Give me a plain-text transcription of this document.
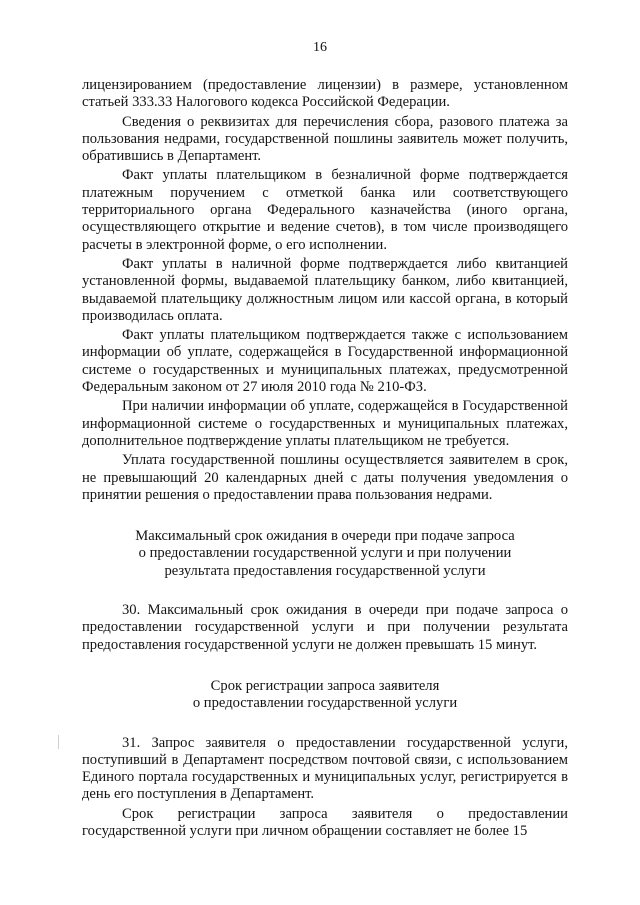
16

лицензированием (предоставление лицензии) в размере, установленном статьей 333.33 Налогового кодекса Российской Федерации.

Сведения о реквизитах для перечисления сбора, разового платежа за пользования недрами, государственной пошлины заявитель может получить, обратившись в Департамент.

Факт уплаты плательщиком в безналичной форме подтверждается платежным поручением с отметкой банка или соответствующего территориального органа Федерального казначейства (иного органа, осуществляющего открытие и ведение счетов), в том числе производящего расчеты в электронной форме, о его исполнении.

Факт уплаты в наличной форме подтверждается либо квитанцией установленной формы, выдаваемой плательщику банком, либо квитанцией, выдаваемой плательщику должностным лицом или кассой органа, в который производилась оплата.

Факт уплаты плательщиком подтверждается также с использованием информации об уплате, содержащейся в Государственной информационной системе о государственных и муниципальных платежах, предусмотренной Федеральным законом от 27 июля 2010 года № 210-ФЗ.

При наличии информации об уплате, содержащейся в Государственной информационной системе о государственных и муниципальных платежах, дополнительное подтверждение уплаты плательщиком не требуется.

Уплата государственной пошлины осуществляется заявителем в срок, не превышающий 20 календарных дней с даты получения уведомления о принятии решения о предоставлении права пользования недрами.

Максимальный срок ожидания в очереди при подаче запроса

о предоставлении государственной услуги и при получении

результата предоставления государственной услуги

30. Максимальный срок ожидания в очереди при подаче запроса о предоставлении государственной услуги и при получении результата предоставления государственной услуги не должен превышать 15 минут.

Срок регистрации запроса заявителя

о предоставлении государственной услуги

31. Запрос заявителя о предоставлении государственной услуги, поступивший в Департамент посредством почтовой связи, с использованием Единого портала государственных и муниципальных услуг, регистрируется в день его поступления в Департамент.

Срок регистрации запроса заявителя о предоставлении государственной услуги при личном обращении составляет не более 15
